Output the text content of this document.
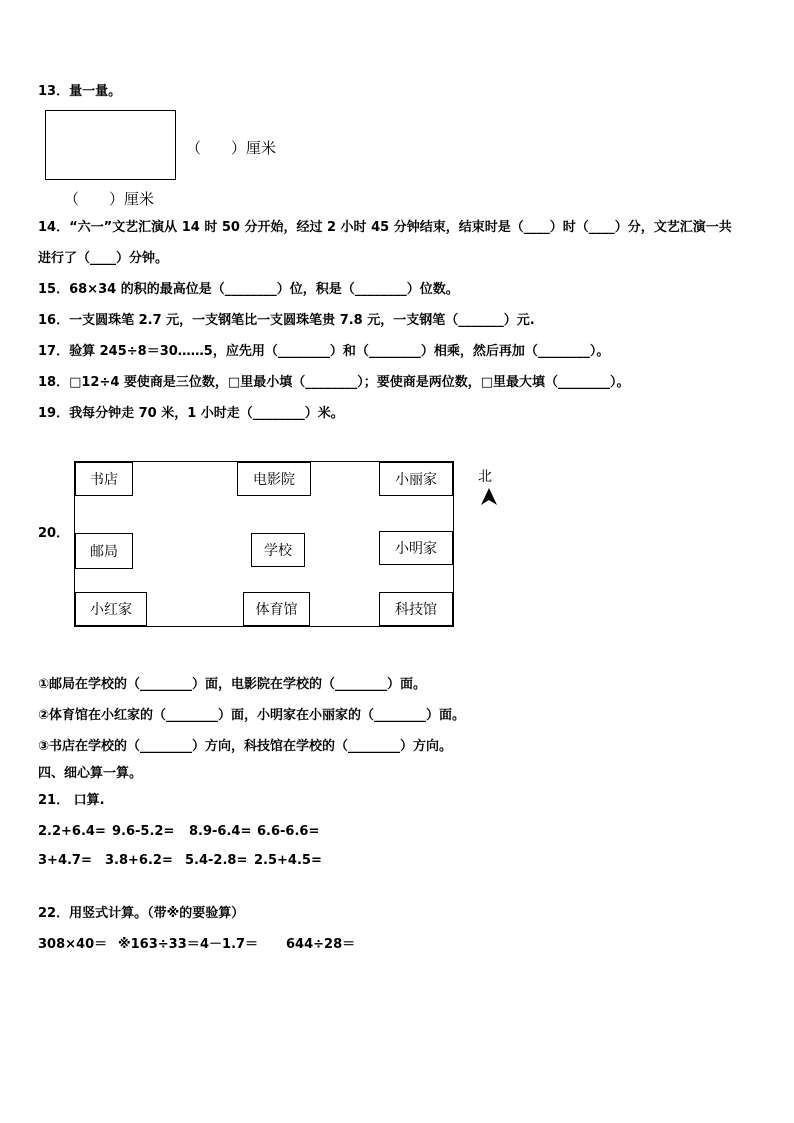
13．量一量。
（　　）厘米
（　　）厘米
14．“六一”文艺汇演从 14 时 50 分开始，经过 2 小时 45 分钟结束，结束时是（____）时（____）分，文艺汇演一共
进行了（____）分钟。
15．68×34 的积的最高位是（________）位，积是（________）位数。
16．一支圆珠笔 2.7 元，一支钢笔比一支圆珠笔贵 7.8 元，一支钢笔（_______）元.
17．验算 245÷8＝30……5，应先用（________）和（________）相乘，然后再加（________）。
18．□12÷4 要使商是三位数，□里最小填（________）；要使商是两位数，□里最大填（________）。
19．我每分钟走 70 米，1 小时走（________）米。
20．
书店	电影院	小丽家
邮局	学校	小明家
小红家	体育馆	科技馆
北
①邮局在学校的（________）面，电影院在学校的（________）面。
②体育馆在小红家的（________）面，小明家在小丽家的（________）面。
③书店在学校的（________）方向，科技馆在学校的（________）方向。
四、细心算一算。
21． 口算.
2.2+6.4= 9.6-5.2= 8.9-6.4= 6.6-6.6=
3+4.7= 3.8+6.2= 5.4-2.8= 2.5+4.5=
22．用竖式计算。（带※的要验算）
308×40＝ ※163÷33＝ 4－1.7＝ 644÷28＝
